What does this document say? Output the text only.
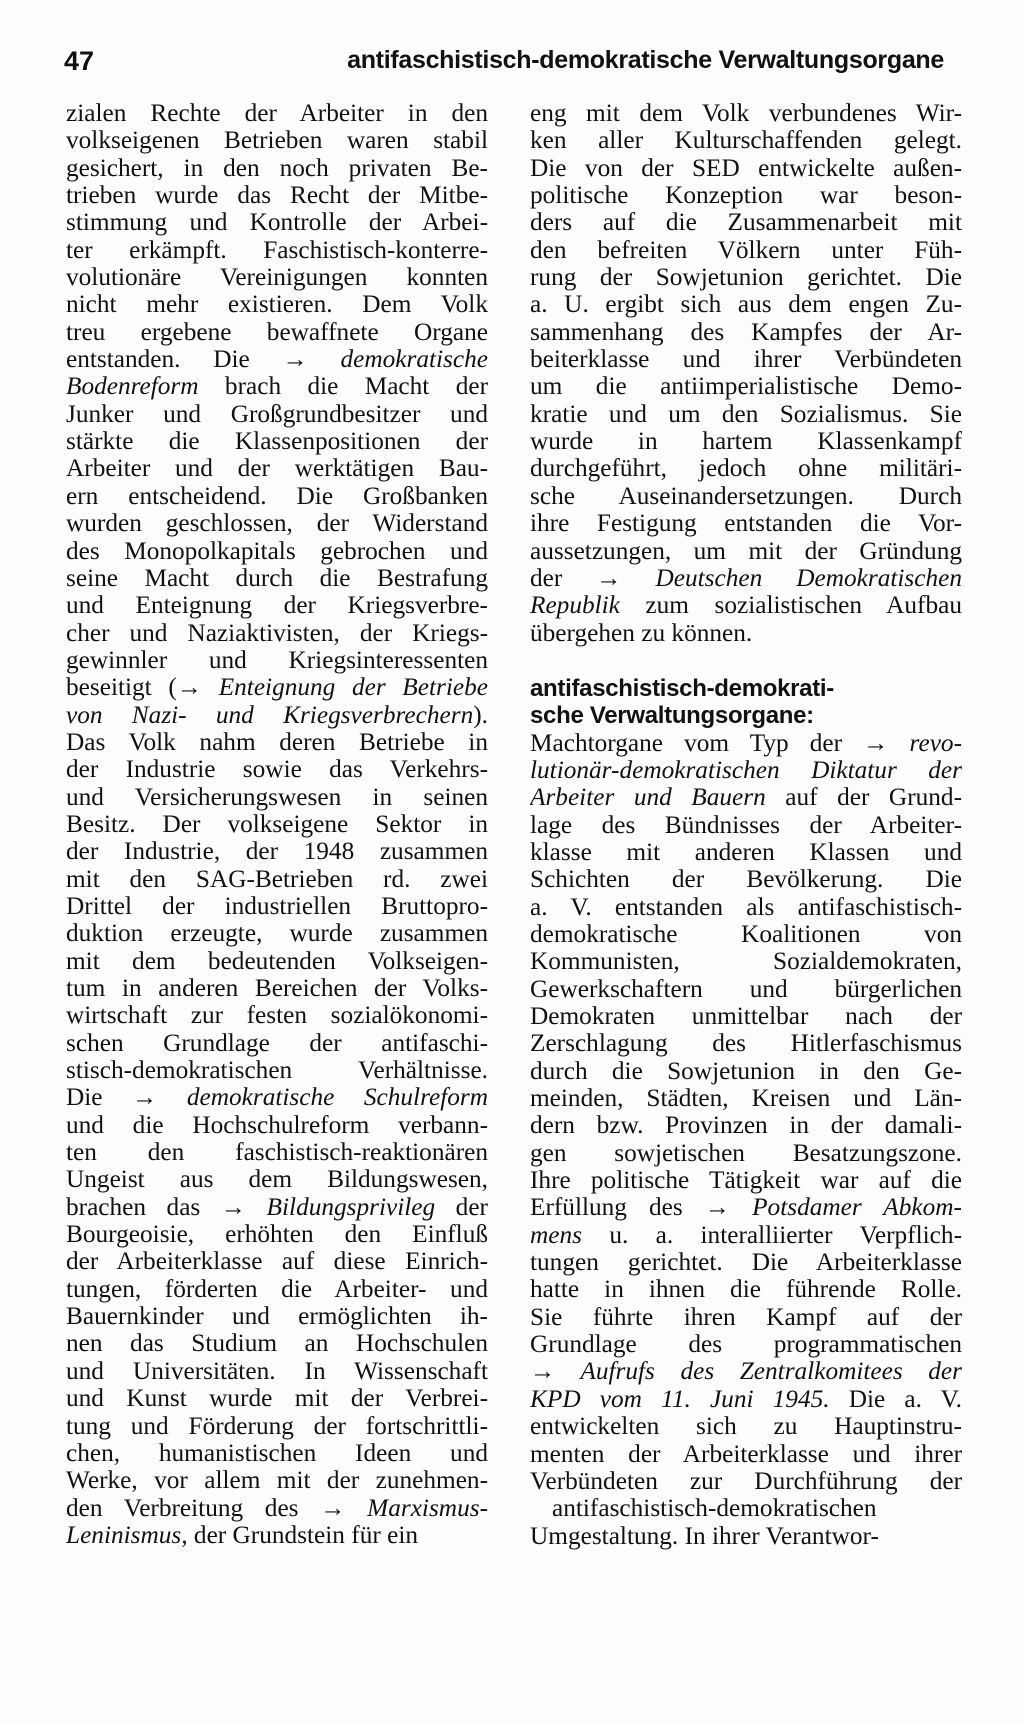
47	antifaschistisch-demokratische Verwaltungsorgane
zialen Rechte der Arbeiter in den
volkseigenen Betrieben waren stabil
gesichert, in den noch privaten Be-
trieben wurde das Recht der Mitbe-
stimmung und Kontrolle der Arbei-
ter erkämpft. Faschistisch-konterre-
volutionäre Vereinigungen konnten
nicht mehr existieren. Dem Volk
treu ergebene bewaffnete Organe
entstanden. Die → demokratische
Bodenreform brach die Macht der
Junker und Großgrundbesitzer und
stärkte die Klassenpositionen der
Arbeiter und der werktätigen Bau-
ern entscheidend. Die Großbanken
wurden geschlossen, der Widerstand
des Monopolkapitals gebrochen und
seine Macht durch die Bestrafung
und Enteignung der Kriegsverbre-
cher und Naziaktivisten, der Kriegs-
gewinnler und Kriegsinteressenten
beseitigt (→ Enteignung der Betriebe
von Nazi- und Kriegsverbrechern).
Das Volk nahm deren Betriebe in
der Industrie sowie das Verkehrs-
und Versicherungswesen in seinen
Besitz. Der volkseigene Sektor in
der Industrie, der 1948 zusammen
mit den SAG-Betrieben rd. zwei
Drittel der industriellen Bruttopro-
duktion erzeugte, wurde zusammen
mit dem bedeutenden Volkseigen-
tum in anderen Bereichen der Volks-
wirtschaft zur festen sozialökonomi-
schen Grundlage der antifaschi-
stisch-demokratischen Verhältnisse.
Die → demokratische Schulreform
und die Hochschulreform verbann-
ten den faschistisch-reaktionären
Ungeist aus dem Bildungswesen,
brachen das → Bildungsprivileg der
Bourgeoisie, erhöhten den Einfluß
der Arbeiterklasse auf diese Einrich-
tungen, förderten die Arbeiter- und
Bauernkinder und ermöglichten ih-
nen das Studium an Hochschulen
und Universitäten. In Wissenschaft
und Kunst wurde mit der Verbrei-
tung und Förderung der fortschrittli-
chen, humanistischen Ideen und
Werke, vor allem mit der zunehmen-
den Verbreitung des → Marxismus-
Leninismus, der Grundstein für ein
eng mit dem Volk verbundenes Wir-
ken aller Kulturschaffenden gelegt.
Die von der SED entwickelte außen-
politische Konzeption war beson-
ders auf die Zusammenarbeit mit
den befreiten Völkern unter Füh-
rung der Sowjetunion gerichtet. Die
a. U. ergibt sich aus dem engen Zu-
sammenhang des Kampfes der Ar-
beiterklasse und ihrer Verbündeten
um die antiimperialistische Demo-
kratie und um den Sozialismus. Sie
wurde in hartem Klassenkampf
durchgeführt, jedoch ohne militäri-
sche Auseinandersetzungen. Durch
ihre Festigung entstanden die Vor-
aussetzungen, um mit der Gründung
der → Deutschen Demokratischen
Republik zum sozialistischen Aufbau
übergehen zu können.
antifaschistisch-demokrati-
sche Verwaltungsorgane:
Machtorgane vom Typ der → revo-
lutionär-demokratischen Diktatur der
Arbeiter und Bauern auf der Grund-
lage des Bündnisses der Arbeiter-
klasse mit anderen Klassen und
Schichten der Bevölkerung. Die
a. V. entstanden als antifaschistisch-
demokratische Koalitionen von
Kommunisten, Sozialdemokraten,
Gewerkschaftern und bürgerlichen
Demokraten unmittelbar nach der
Zerschlagung des Hitlerfaschismus
durch die Sowjetunion in den Ge-
meinden, Städten, Kreisen und Län-
dern bzw. Provinzen in der damali-
gen sowjetischen Besatzungszone.
Ihre politische Tätigkeit war auf die
Erfüllung des → Potsdamer Abkom-
mens u. a. interalliierter Verpflich-
tungen gerichtet. Die Arbeiterklasse
hatte in ihnen die führende Rolle.
Sie führte ihren Kampf auf der
Grundlage des programmatischen
→ Aufrufs des Zentralkomitees der
KPD vom 11. Juni 1945. Die a. V.
entwickelten sich zu Hauptinstru-
menten der Arbeiterklasse und ihrer
Verbündeten zur Durchführung der
antifaschistisch-demokratischen
Umgestaltung. In ihrer Verantwor-
